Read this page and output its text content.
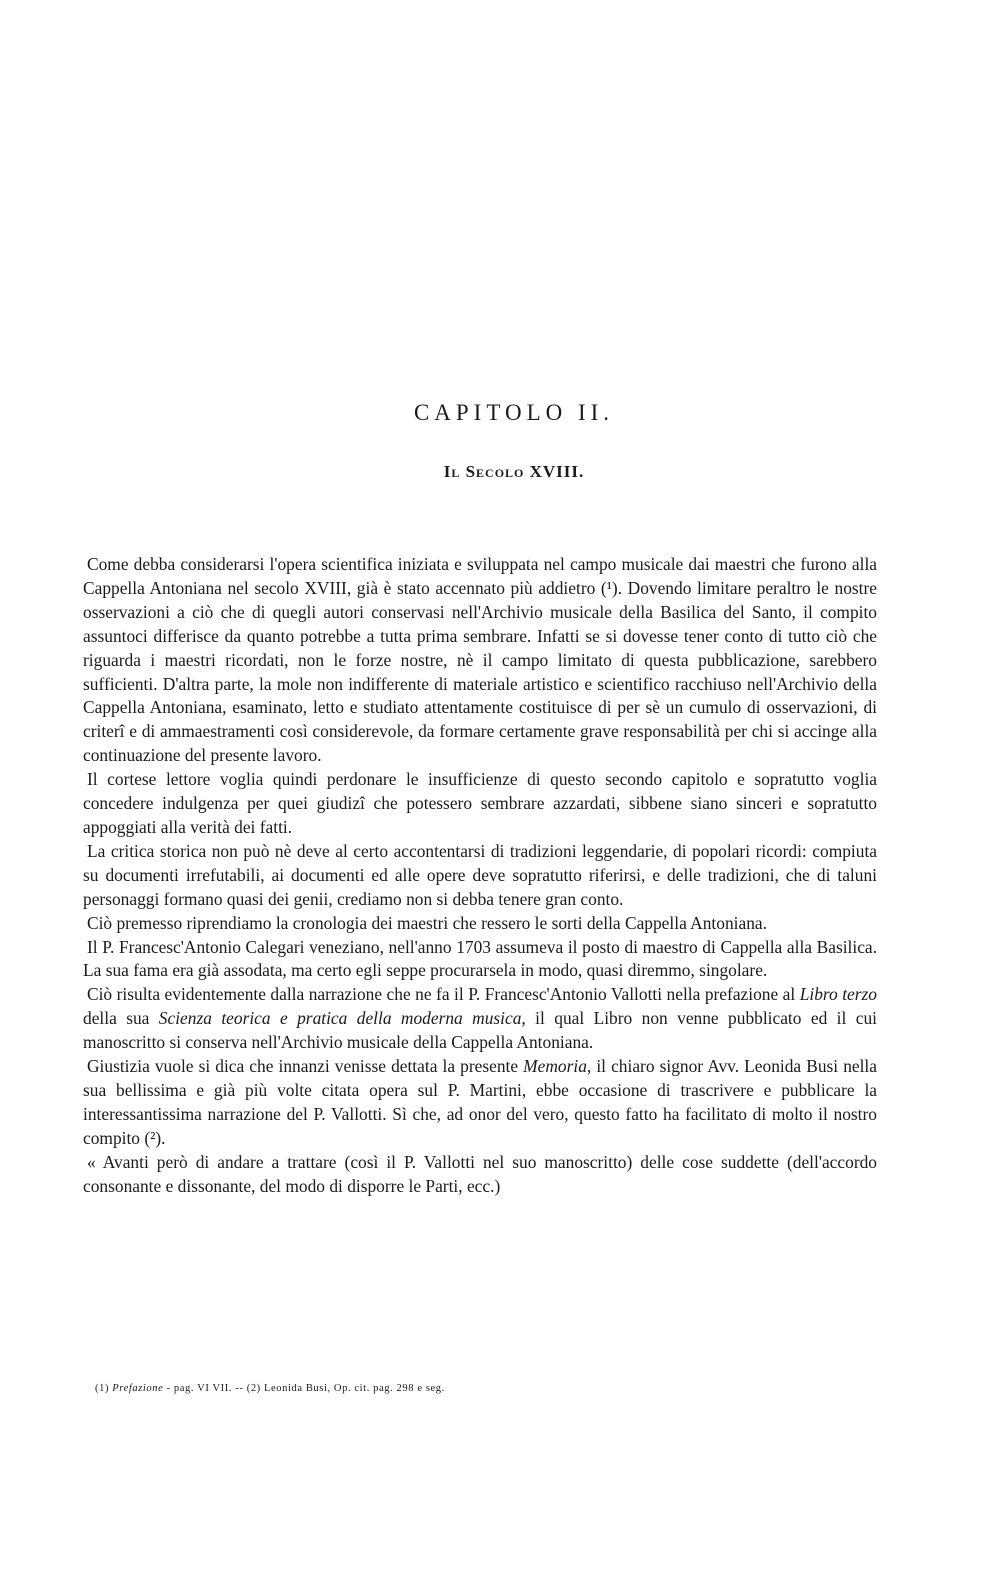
CAPITOLO II.
Il Secolo XVIII.

Come debba considerarsi l'opera scientifica iniziata e sviluppata nel campo musicale dai maestri che furono alla Cappella Antoniana nel secolo XVIII, già è stato accennato più addietro (¹). Dovendo limitare peraltro le nostre osservazioni a ciò che di quegli autori conservasi nell'Archivio musicale della Basilica del Santo, il compito assuntoci differisce da quanto potrebbe a tutta prima sembrare. Infatti se si dovesse tener conto di tutto ciò che riguarda i maestri ricordati, non le forze nostre, nè il campo limitato di questa pubblicazione, sarebbero sufficienti. D'altra parte, la mole non indifferente di materiale artistico e scientifico racchiuso nell'Archivio della Cappella Antoniana, esaminato, letto e studiato attentamente costituisce di per sè un cumulo di osservazioni, di criterî e di ammaestramenti così considerevole, da formare certamente grave responsabilità per chi si accinge alla continuazione del presente lavoro.

Il cortese lettore voglia quindi perdonare le insufficienze di questo secondo capitolo e sopratutto voglia concedere indulgenza per quei giudizî che potessero sembrare azzardati, sibbene siano sinceri e sopratutto appoggiati alla verità dei fatti.

La critica storica non può nè deve al certo accontentarsi di tradizioni leggendarie, di popolari ricordi: compiuta su documenti irrefutabili, ai documenti ed alle opere deve sopratutto riferirsi, e delle tradizioni, che di taluni personaggi formano quasi dei genii, crediamo non si debba tenere gran conto.

Ciò premesso riprendiamo la cronologia dei maestri che ressero le sorti della Cappella Antoniana.

Il P. Francesc'Antonio Calegari veneziano, nell'anno 1703 assumeva il posto di maestro di Cappella alla Basilica. La sua fama era già assodata, ma certo egli seppe procurarsela in modo, quasi diremmo, singolare.

Ciò risulta evidentemente dalla narrazione che ne fa il P. Francesc'Antonio Vallotti nella prefazione al Libro terzo della sua Scienza teorica e pratica della moderna musica, il qual Libro non venne pubblicato ed il cui manoscritto si conserva nell'Archivio musicale della Cappella Antoniana.

Giustizia vuole si dica che innanzi venisse dettata la presente Memoria, il chiaro signor Avv. Leonida Busi nella sua bellissima e già più volte citata opera sul P. Martini, ebbe occasione di trascrivere e pubblicare la interessantissima narrazione del P. Vallotti. Sì che, ad onor del vero, questo fatto ha facilitato di molto il nostro compito (²).

« Avanti però di andare a trattare (così il P. Vallotti nel suo manoscritto) delle cose suddette (dell'accordo consonante e dissonante, del modo di disporre le Parti, ecc.)

(1) Prefazione - pag. VI VII. -- (2) Leonida Busi, Op. cit. pag. 298 e seg.
